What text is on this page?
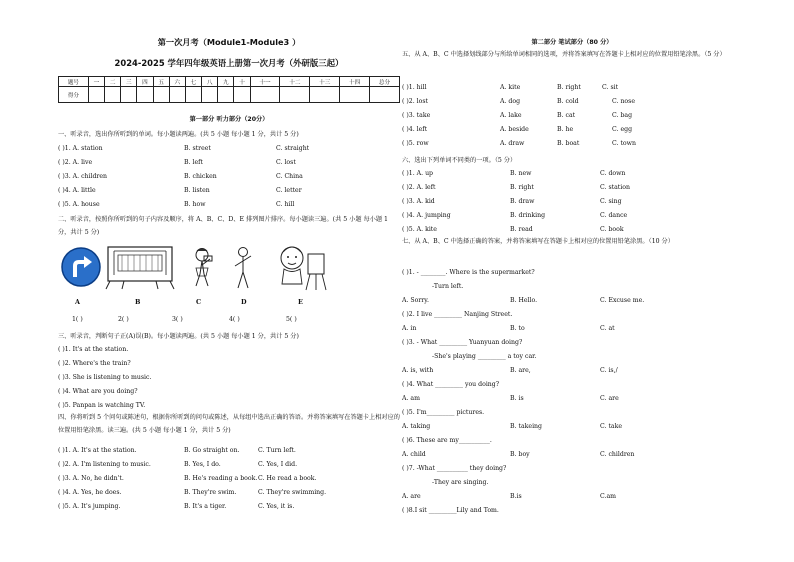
第一次月考（Module1-Module3 ）
2024-2025 学年四年级英语上册第一次月考（外研版三起）
题号	一	二	三	四	五	六	七	八	九	十	十一	十二	十三	十四	总分
得分															
第一部分 听力部分（20分）
一、听录音，选出你所听到的单词。每小题读两遍。(共 5 小题 每小题 1 分，共计 5 分)
( )1. A. station	B. street	C. straight
( )2. A. live	B. left	C. lost
( )3. A. children	B. chicken	C. China
( )4. A. little	B. listen	C. letter
( )5. A. house	B. how	C. hill
二、听录音，按照你所听到的句子内容及顺序，将 A、B、C、D、E 排列图片排序。每小题读三遍。(共 5 小题 每小题 1 分，共计 5 分)
A	B	C	D	E
1( )	2( )	3( )	4( )	5( )
三、听录音，判断句子正(A)误(B)。每小题读两遍。(共 5 小题 每小题 1 分，共计 5 分)
( )1. It's at the station.
( )2. Where's the train?
( )3. She is listening to music.
( )4. What are you doing?
( )5. Panpan is watching TV.
四、你将听到 5 个问句或陈述句，根据你所听到的问句或陈述，从每组中选出正确的答语。并将答案填写在答题卡上相对应的位置用铅笔涂黑。读三遍。(共 5 小题 每小题 1 分，共计 5 分)
( )1. A. It's at the station.	B. Go straight on.	C. Turn left.
( )2. A. I'm listening to music.	B. Yes, I do.	C. Yes, I did.
( )3. A. No, he didn't.	B. He's reading a book. C. He read a book.
( )4. A. Yes, he does.	B. They're swim.	C. They're swimming.
( )5. A. It's jumping.	B. It's a tiger.	C. Yes, it is.
第二部分 笔试部分（80 分）
五、从 A、B、C 中选择划线部分与所给单词相同的选项，并将答案填写在答题卡上相对应的位置用铅笔涂黑。（5 分）
( )1. hill	A. kite	B. right	C. sit
( )2. lost	A. dog	B. cold	C. nose
( )3. take	A. lake	B. cat	C. bag
( )4. left	A. beside	B. he	C. egg
( )5. row	A. draw	B. boat	C. town
六、选出下列单词不同类的一项。（5 分）
( )1. A. up	B. new	C. down
( )2. A. left	B. right	C. station
( )3. A. kid	B. draw	C. sing
( )4. A. jumping	B. drinking	C. dance
( )5. A. kite	B. read	C. book
七、从 A、B、C 中选择正确的答案，并将答案填写在答题卡上相对应的位置用铅笔涂黑。（10 分）
( )1. - ________. Where is the supermarket?
-Turn left.
A. Sorry.	B. Hello.	C. Excuse me.
( )2. I live _________ Nanjing Street.
A. in	B. to	C. at
( )3. - What _________ Yuanyuan doing?
-She's playing _________ a toy car.
A. is, with	B. are,	C. is,/
( )4. What _________ you doing?
A. am	B. is	C. are
( )5. I'm_________ pictures.
A. taking	B. takeing	C. take
( )6. These are my__________.
A. child	B. boy	C. children
( )7. -What __________ they doing?
-They are singing.
A. are	B.is	C.am
( )8.I sit _________Lily and Tom.
